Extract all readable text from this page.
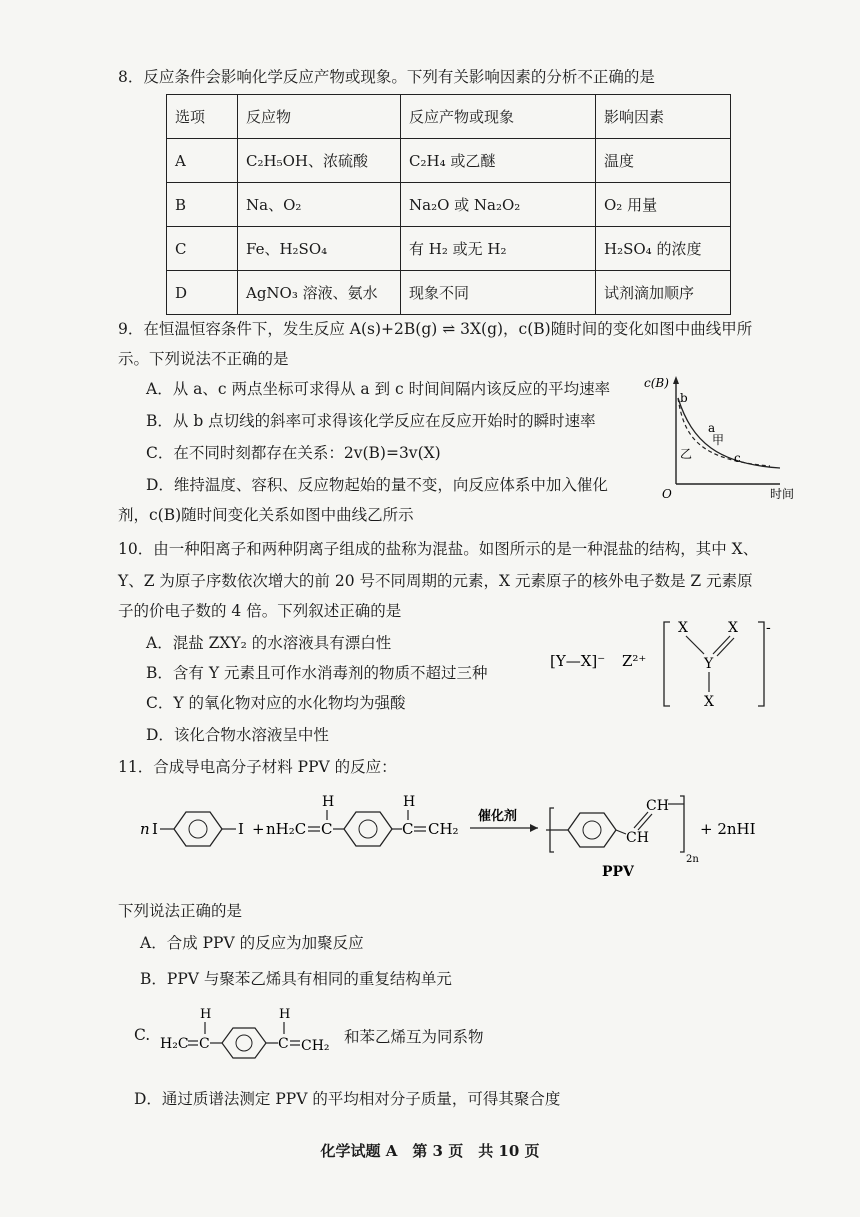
8．反应条件会影响化学反应产物或现象。下列有关影响因素的分析不正确的是
选项	反应物	反应产物或现象	影响因素
A	C₂H₅OH、浓硫酸	C₂H₄ 或乙醚	温度
B	Na、O₂	Na₂O 或 Na₂O₂	O₂ 用量
C	Fe、H₂SO₄	有 H₂ 或无 H₂	H₂SO₄ 的浓度
D	AgNO₃ 溶液、氨水	现象不同	试剂滴加顺序
9．在恒温恒容条件下，发生反应 A(s)+2B(g) ⇌ 3X(g)，c(B)随时间的变化如图中曲线甲所
示。下列说法不正确的是
A．从 a、c 两点坐标可求得从 a 到 c 时间间隔内该反应的平均速率
B．从 b 点切线的斜率可求得该化学反应在反应开始时的瞬时速率
C．在不同时刻都存在关系：2v(B)=3v(X)
D．维持温度、容积、反应物起始的量不变，向反应体系中加入催化
剂，c(B)随时间变化关系如图中曲线乙所示
c(B)
b
a
c
甲
乙
O	时间
10．由一种阳离子和两种阴离子组成的盐称为混盐。如图所示的是一种混盐的结构，其中 X、
Y、Z 为原子序数依次增大的前 20 号不同周期的元素，X 元素原子的核外电子数是 Z 元素原
子的价电子数的 4 倍。下列叙述正确的是
A．混盐 ZXY₂ 的水溶液具有漂白性
B．含有 Y 元素且可作水消毒剂的物质不超过三种
C．Y 的氧化物对应的水化物均为强酸
D．该化合物水溶液呈中性
[Y—X]⁻ Z²⁺
-
X	X
Y
X
11．合成导电高分子材料 PPV 的反应：
n I	I + nH₂C C
H
C
H
CH₂
催化剂
CH
CH
2n
+ 2nHI
PPV
下列说法正确的是
A．合成 PPV 的反应为加聚反应
B．PPV 与聚苯乙烯具有相同的重复结构单元
C. H₂C C
H
C
H
CH₂ 和苯乙烯互为同系物
D．通过质谱法测定 PPV 的平均相对分子质量，可得其聚合度
化学试题 A　第 3 页　共 10 页
